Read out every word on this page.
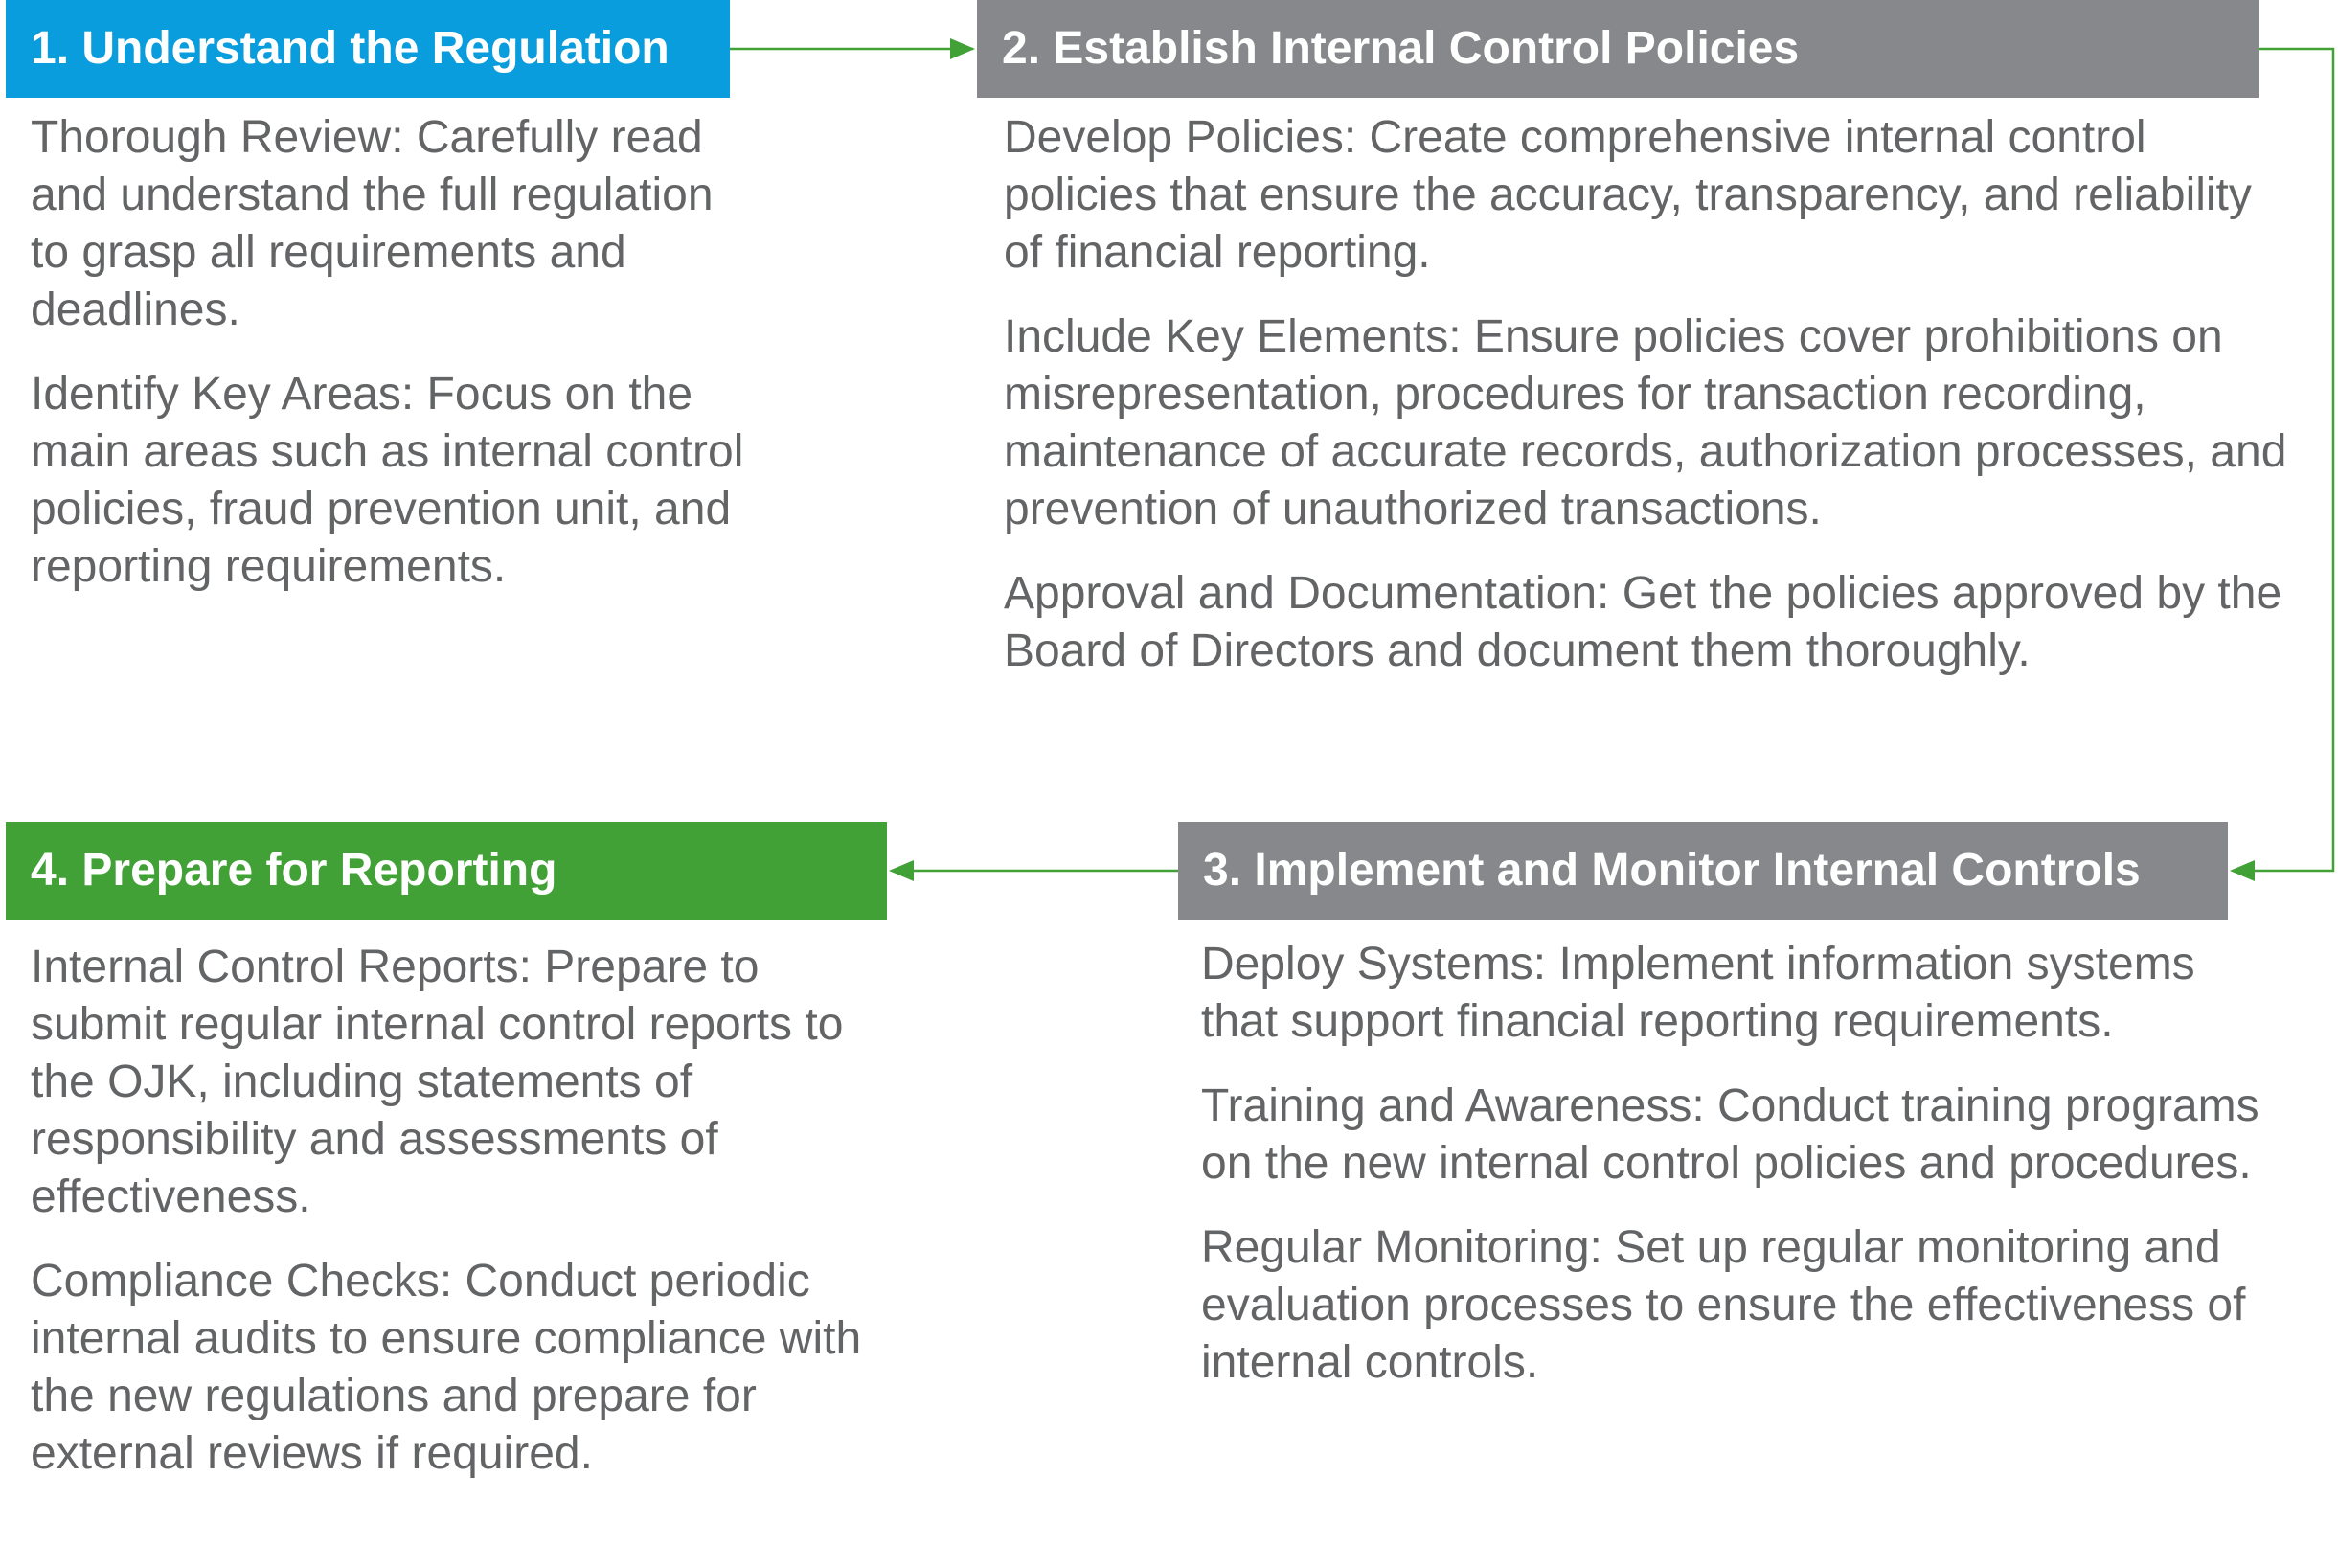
1. Understand the Regulation

Thorough Review: Carefully read and understand the full regulation to grasp all requirements and deadlines.

Identify Key Areas: Focus on the main areas such as internal control policies, fraud prevention unit, and reporting requirements.

2. Establish Internal Control Policies

Develop Policies: Create comprehensive internal control policies that ensure the accuracy, transparency, and reliability of financial reporting.

Include Key Elements: Ensure policies cover prohibitions on misrepresentation, procedures for transaction recording, maintenance of accurate records, authorization processes, and prevention of unauthorized transactions.

Approval and Documentation: Get the policies approved by the Board of Directors and document them thoroughly.

3. Implement and Monitor Internal Controls

Deploy Systems: Implement information systems that support financial reporting requirements.

Training and Awareness: Conduct training programs on the new internal control policies and procedures.

Regular Monitoring: Set up regular monitoring and evaluation processes to ensure the effectiveness of internal controls.

4. Prepare for Reporting

Internal Control Reports: Prepare to submit regular internal control reports to the OJK, including statements of responsibility and assessments of effectiveness.

Compliance Checks: Conduct periodic internal audits to ensure compliance with the new regulations and prepare for external reviews if required.
